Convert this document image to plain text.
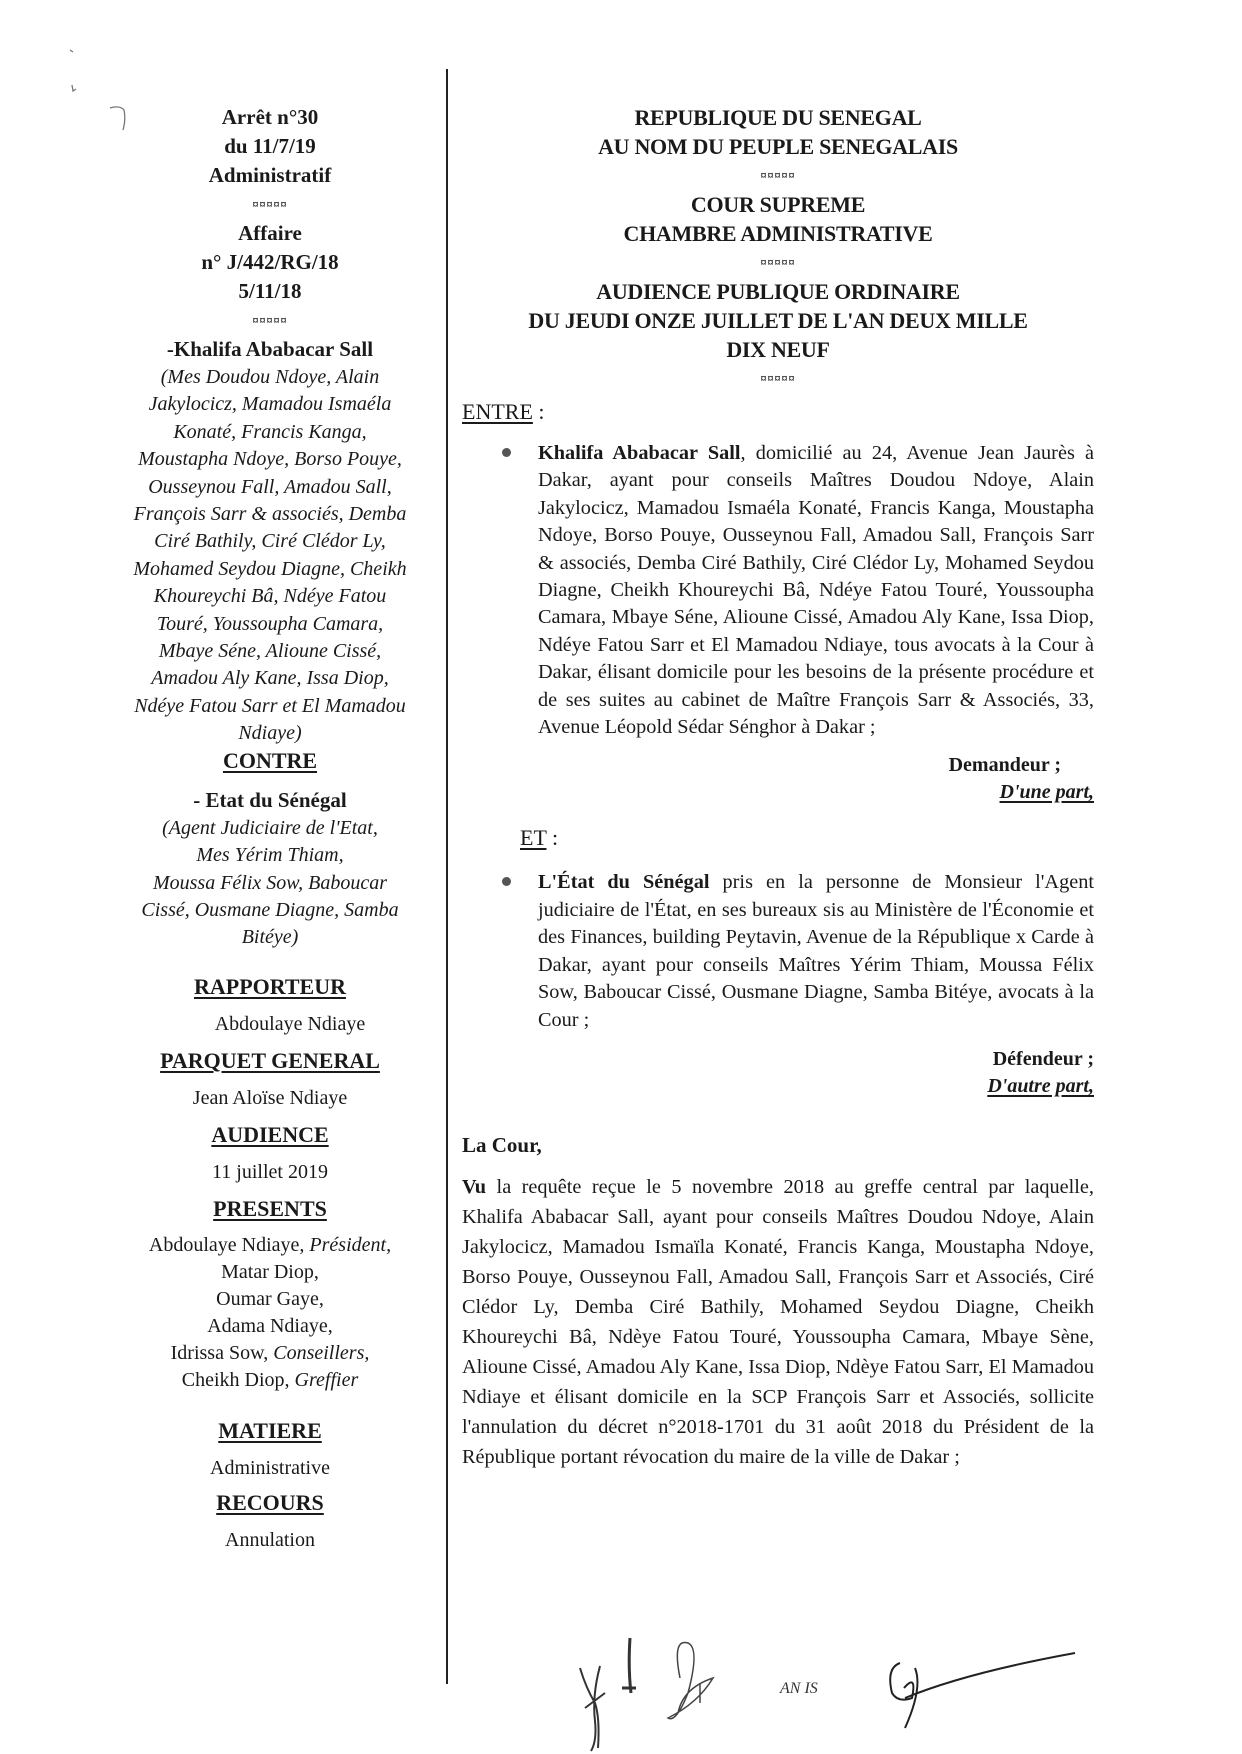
Arrêt n°30
du 11/7/19
Administratif
¤¤¤¤¤
Affaire
n° J/442/RG/18
5/11/18
¤¤¤¤¤
-Khalifa Ababacar Sall
(Mes Doudou Ndoye, Alain
Jakylocicz, Mamadou Ismaéla
Konaté, Francis Kanga,
Moustapha Ndoye, Borso Pouye,
Ousseynou Fall, Amadou Sall,
François Sarr & associés, Demba
Ciré Bathily, Ciré Clédor Ly,
Mohamed Seydou Diagne, Cheikh
Khoureychi Bâ, Ndéye Fatou
Touré, Youssoupha Camara,
Mbaye Séne, Alioune Cissé,
Amadou Aly Kane, Issa Diop,
Ndéye Fatou Sarr et El Mamadou
Ndiaye)
CONTRE
- Etat du Sénégal
(Agent Judiciaire de l'Etat,
Mes Yérim Thiam,
Moussa Félix Sow, Baboucar
Cissé, Ousmane Diagne, Samba
Bitéye)
RAPPORTEUR
Abdoulaye Ndiaye
PARQUET GENERAL
Jean Aloïse Ndiaye
AUDIENCE
11 juillet 2019
PRESENTS
Abdoulaye Ndiaye, Président,
Matar Diop,
Oumar Gaye,
Adama Ndiaye,
Idrissa Sow, Conseillers,
Cheikh Diop, Greffier
MATIERE
Administrative
RECOURS
Annulation
REPUBLIQUE DU SENEGAL
AU NOM DU PEUPLE SENEGALAIS
¤¤¤¤¤
COUR SUPREME
CHAMBRE ADMINISTRATIVE
¤¤¤¤¤
AUDIENCE PUBLIQUE ORDINAIRE
DU JEUDI ONZE JUILLET DE L'AN DEUX MILLE
DIX NEUF
¤¤¤¤¤
ENTRE :
Khalifa Ababacar Sall, domicilié au 24, Avenue Jean Jaurès à Dakar, ayant pour conseils Maîtres Doudou Ndoye, Alain Jakylocicz, Mamadou Ismaéla Konaté, Francis Kanga, Moustapha Ndoye, Borso Pouye, Ousseynou Fall, Amadou Sall, François Sarr & associés, Demba Ciré Bathily, Ciré Clédor Ly, Mohamed Seydou Diagne, Cheikh Khoureychi Bâ, Ndéye Fatou Touré, Youssoupha Camara, Mbaye Séne, Alioune Cissé, Amadou Aly Kane, Issa Diop, Ndéye Fatou Sarr et El Mamadou Ndiaye, tous avocats à la Cour à Dakar, élisant domicile pour les besoins de la présente procédure et de ses suites au cabinet de Maître François Sarr & Associés, 33, Avenue Léopold Sédar Sénghor à Dakar ;
Demandeur ;
D'une part,
ET :
L'État du Sénégal pris en la personne de Monsieur l'Agent judiciaire de l'État, en ses bureaux sis au Ministère de l'Économie et des Finances, building Peytavin, Avenue de la République x Carde à Dakar, ayant pour conseils Maîtres Yérim Thiam, Moussa Félix Sow, Baboucar Cissé, Ousmane Diagne, Samba Bitéye, avocats à la Cour ;
Défendeur ;
D'autre part,
La Cour,
Vu la requête reçue le 5 novembre 2018 au greffe central par laquelle, Khalifa Ababacar Sall, ayant pour conseils Maîtres Doudou Ndoye, Alain Jakylocicz, Mamadou Ismaïla Konaté, Francis Kanga, Moustapha Ndoye, Borso Pouye, Ousseynou Fall, Amadou Sall, François Sarr et Associés, Ciré Clédor Ly, Demba Ciré Bathily, Mohamed Seydou Diagne, Cheikh Khoureychi Bâ, Ndèye Fatou Touré, Youssoupha Camara, Mbaye Sène, Alioune Cissé, Amadou Aly Kane, Issa Diop, Ndèye Fatou Sarr, El Mamadou Ndiaye et élisant domicile en la SCP François Sarr et Associés, sollicite l'annulation du décret n°2018-1701 du 31 août 2018 du Président de la République portant révocation du maire de la ville de Dakar ;
AN IS
